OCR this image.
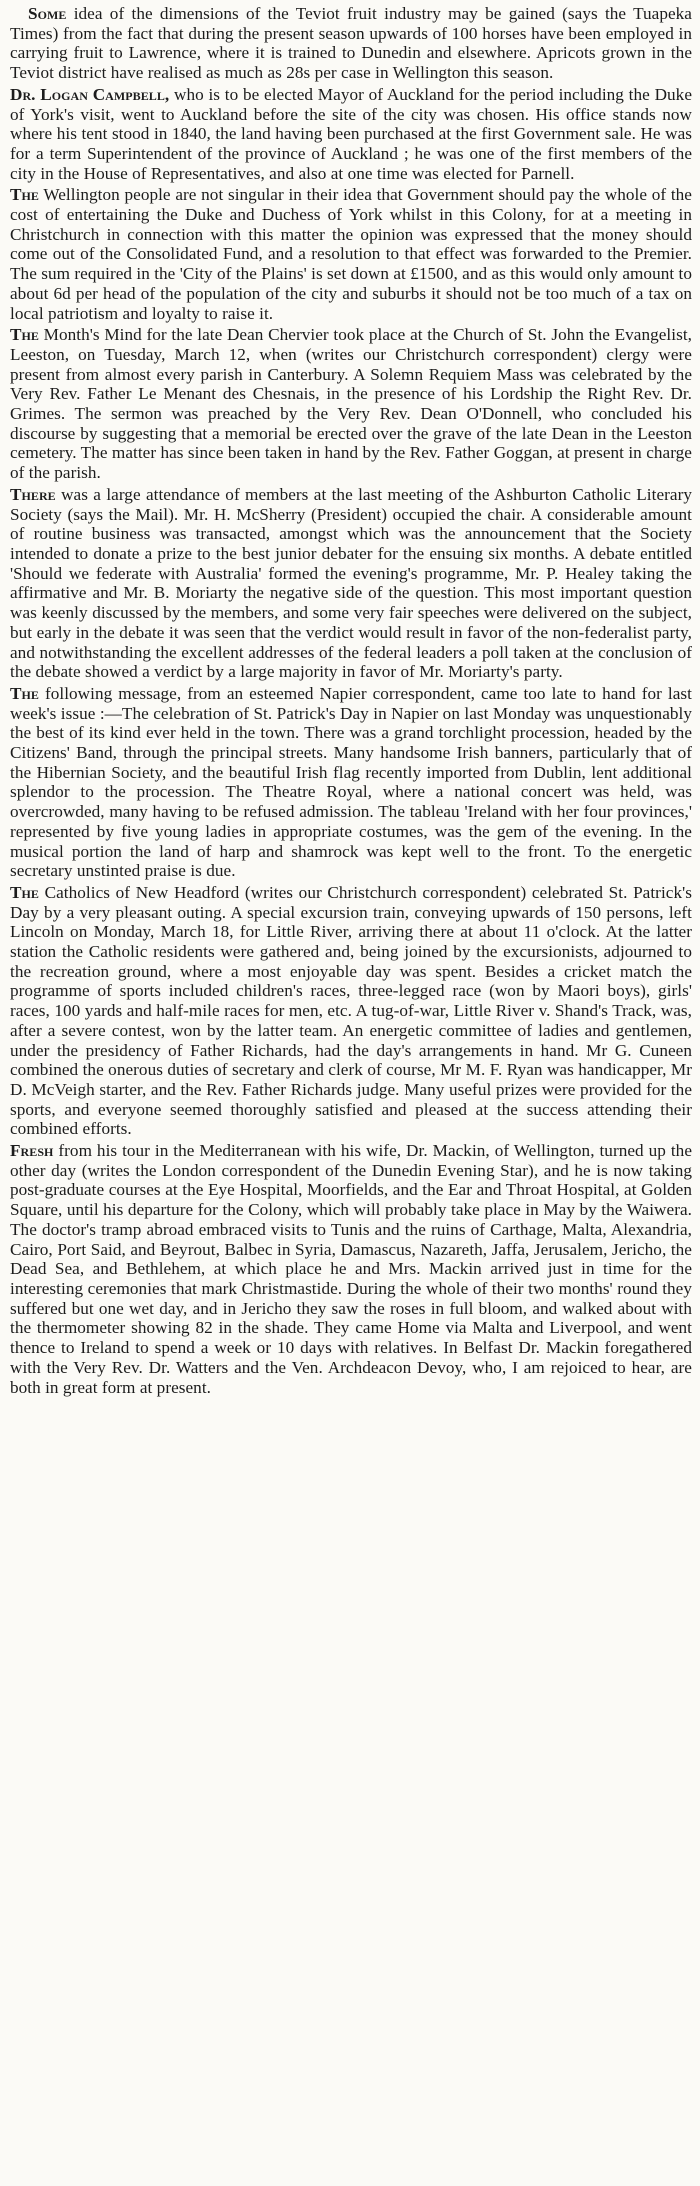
Some idea of the dimensions of the Teviot fruit industry may be gained (says the Tuapeka Times) from the fact that during the present season upwards of 100 horses have been employed in carrying fruit to Lawrence, where it is trained to Dunedin and elsewhere. Apricots grown in the Teviot district have realised as much as 28s per case in Wellington this season.

Dr. Logan Campbell, who is to be elected Mayor of Auckland for the period including the Duke of York's visit, went to Auckland before the site of the city was chosen. His office stands now where his tent stood in 1840, the land having been purchased at the first Government sale. He was for a term Superintendent of the province of Auckland ; he was one of the first members of the city in the House of Representatives, and also at one time was elected for Parnell.

The Wellington people are not singular in their idea that Government should pay the whole of the cost of entertaining the Duke and Duchess of York whilst in this Colony, for at a meeting in Christchurch in connection with this matter the opinion was expressed that the money should come out of the Consolidated Fund, and a resolution to that effect was forwarded to the Premier. The sum required in the 'City of the Plains' is set down at £1500, and as this would only amount to about 6d per head of the population of the city and suburbs it should not be too much of a tax on local patriotism and loyalty to raise it.

The Month's Mind for the late Dean Chervier took place at the Church of St. John the Evangelist, Leeston, on Tuesday, March 12, when (writes our Christchurch correspondent) clergy were present from almost every parish in Canterbury. A Solemn Requiem Mass was celebrated by the Very Rev. Father Le Menant des Chesnais, in the presence of his Lordship the Right Rev. Dr. Grimes. The sermon was preached by the Very Rev. Dean O'Donnell, who concluded his discourse by suggesting that a memorial be erected over the grave of the late Dean in the Leeston cemetery. The matter has since been taken in hand by the Rev. Father Goggan, at present in charge of the parish.

There was a large attendance of members at the last meeting of the Ashburton Catholic Literary Society (says the Mail). Mr. H. McSherry (President) occupied the chair. A considerable amount of routine business was transacted, amongst which was the announcement that the Society intended to donate a prize to the best junior debater for the ensuing six months. A debate entitled 'Should we federate with Australia' formed the evening's programme, Mr. P. Healey taking the affirmative and Mr. B. Moriarty the negative side of the question. This most important question was keenly discussed by the members, and some very fair speeches were delivered on the subject, but early in the debate it was seen that the verdict would result in favor of the non-federalist party, and notwithstanding the excellent addresses of the federal leaders a poll taken at the conclusion of the debate showed a verdict by a large majority in favor of Mr. Moriarty's party.

The following message, from an esteemed Napier correspondent, came too late to hand for last week's issue :—The celebration of St. Patrick's Day in Napier on last Monday was unquestionably the best of its kind ever held in the town. There was a grand torchlight procession, headed by the Citizens' Band, through the principal streets. Many handsome Irish banners, particularly that of the Hibernian Society, and the beautiful Irish flag recently imported from Dublin, lent additional splendor to the procession. The Theatre Royal, where a national concert was held, was overcrowded, many having to be refused admission. The tableau 'Ireland with her four provinces,' represented by five young ladies in appropriate costumes, was the gem of the evening. In the musical portion the land of harp and shamrock was kept well to the front. To the energetic secretary unstinted praise is due.

The Catholics of New Headford (writes our Christchurch correspondent) celebrated St. Patrick's Day by a very pleasant outing. A special excursion train, conveying upwards of 150 persons, left Lincoln on Monday, March 18, for Little River, arriving there at about 11 o'clock. At the latter station the Catholic residents were gathered and, being joined by the excursionists, adjourned to the recreation ground, where a most enjoyable day was spent. Besides a cricket match the programme of sports included children's races, three-legged race (won by Maori boys), girls' races, 100 yards and half-mile races for men, etc. A tug-of-war, Little River v. Shand's Track, was, after a severe contest, won by the latter team. An energetic committee of ladies and gentlemen, under the presidency of Father Richards, had the day's arrangements in hand. Mr G. Cuneen combined the onerous duties of secretary and clerk of course, Mr M. F. Ryan was handicapper, Mr D. McVeigh starter, and the Rev. Father Richards judge. Many useful prizes were provided for the sports, and everyone seemed thoroughly satisfied and pleased at the success attending their combined efforts.

Fresh from his tour in the Mediterranean with his wife, Dr. Mackin, of Wellington, turned up the other day (writes the London correspondent of the Dunedin Evening Star), and he is now taking post-graduate courses at the Eye Hospital, Moorfields, and the Ear and Throat Hospital, at Golden Square, until his departure for the Colony, which will probably take place in May by the Waiwera. The doctor's tramp abroad embraced visits to Tunis and the ruins of Carthage, Malta, Alexandria, Cairo, Port Said, and Beyrout, Balbec in Syria, Damascus, Nazareth, Jaffa, Jerusalem, Jericho, the Dead Sea, and Bethlehem, at which place he and Mrs. Mackin arrived just in time for the interesting ceremonies that mark Christmastide. During the whole of their two months' round they suffered but one wet day, and in Jericho they saw the roses in full bloom, and walked about with the thermometer showing 82 in the shade. They came Home via Malta and Liverpool, and went thence to Ireland to spend a week or 10 days with relatives. In Belfast Dr. Mackin foregathered with the Very Rev. Dr. Watters and the Ven. Archdeacon Devoy, who, I am rejoiced to hear, are both in great form at present.
